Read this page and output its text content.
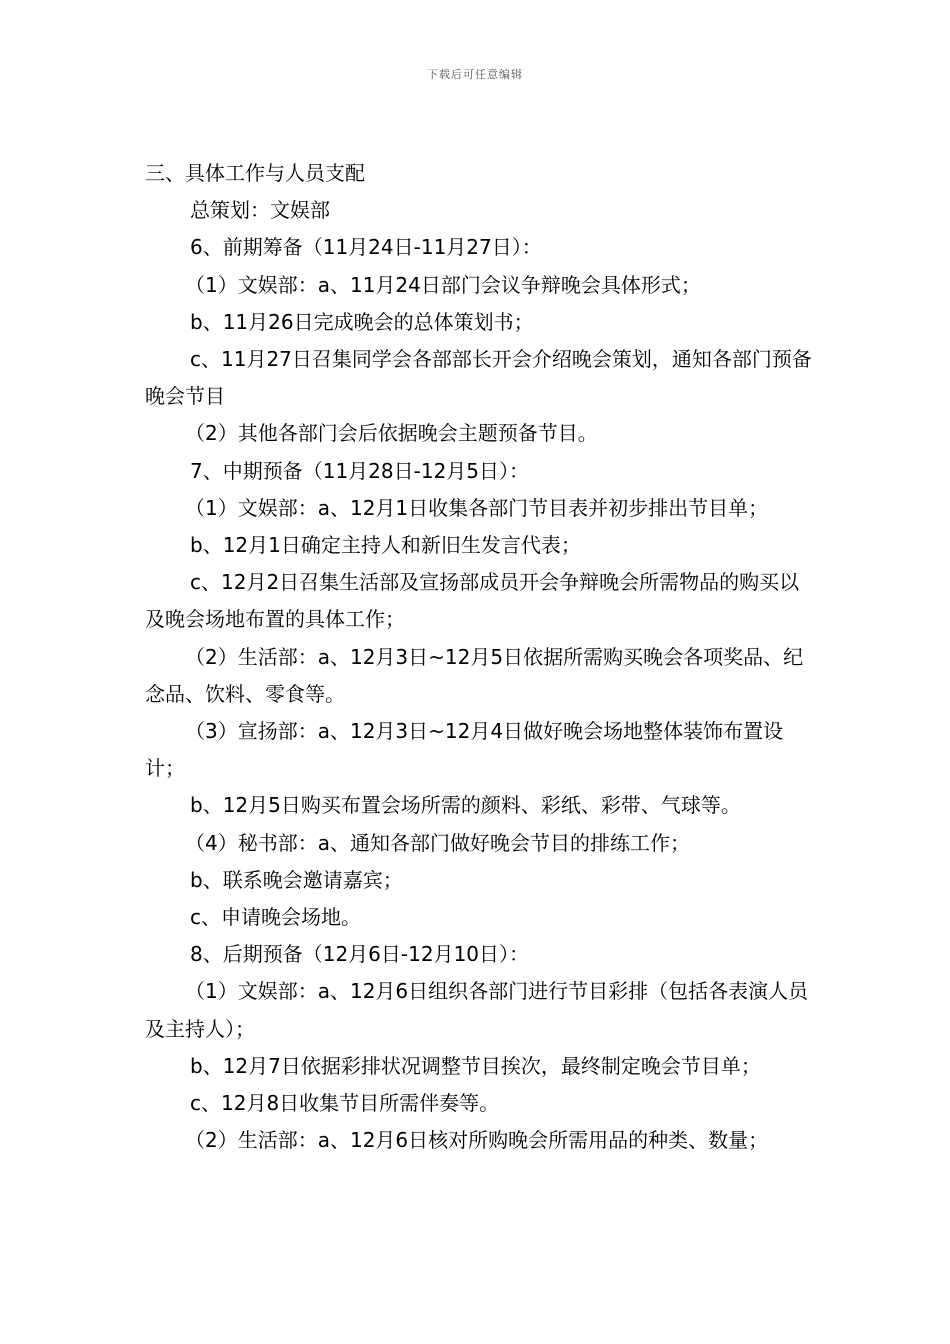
下载后可任意编辑

三、具体工作与人员支配

总策划：文娱部

6、前期筹备（11月24日-11月27日）：

（1）文娱部：a、11月24日部门会议争辩晚会具体形式；

b、11月26日完成晚会的总体策划书；

c、11月27日召集同学会各部部长开会介绍晚会策划，通知各部门预备晚会节目

（2）其他各部门会后依据晚会主题预备节目。

7、中期预备（11月28日-12月5日）：

（1）文娱部：a、12月1日收集各部门节目表并初步排出节目单；

b、12月1日确定主持人和新旧生发言代表；

c、12月2日召集生活部及宣扬部成员开会争辩晚会所需物品的购买以及晚会场地布置的具体工作；

（2）生活部：a、12月3日~12月5日依据所需购买晚会各项奖品、纪念品、饮料、零食等。

（3）宣扬部：a、12月3日~12月4日做好晚会场地整体装饰布置设计；

b、12月5日购买布置会场所需的颜料、彩纸、彩带、气球等。

（4）秘书部：a、通知各部门做好晚会节目的排练工作；

b、联系晚会邀请嘉宾；

c、申请晚会场地。

8、后期预备（12月6日-12月10日）：

（1）文娱部：a、12月6日组织各部门进行节目彩排（包括各表演人员及主持人）；

b、12月7日依据彩排状况调整节目挨次，最终制定晚会节目单；

c、12月8日收集节目所需伴奏等。

（2）生活部：a、12月6日核对所购晚会所需用品的种类、数量；
